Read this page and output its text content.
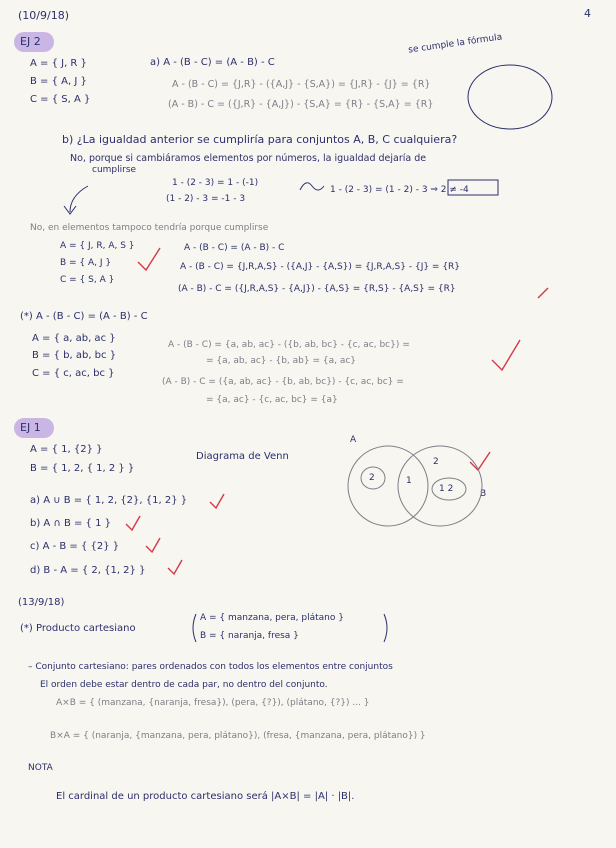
4
(10/9/18)
EJ 2
A = { J, R }
B = { A, J }
C = { S, A }
a) A - (B - C) = (A - B) - C
se cumple la fórmula
A - (B - C) = {J,R} - ({A,J} - {S,A}) = {J,R} - {J} = {R}
(A - B) - C = ({J,R} - {A,J}) - {S,A} = {R} - {S,A} = {R}
b) ¿La igualdad anterior se cumpliría para conjuntos A, B, C cualquiera?
No, porque si cambiáramos elementos por números, la igualdad dejaría de
cumplirse
1 - (2 - 3) = 1 - (-1)
(1 - 2) - 3 = -1 - 3
1 - (2 - 3) = (1 - 2) - 3 ⇒ 2 ≠ -4
No, en elementos tampoco tendría porque cumplirse
A = { J, R, A, S }
B = { A, J }
C = { S, A }
A - (B - C) = (A - B) - C
A - (B - C) = {J,R,A,S} - ({A,J} - {A,S}) = {J,R,A,S} - {J} = {R}
(A - B) - C = ({J,R,A,S} - {A,J}) - {A,S} = {R,S} - {A,S} = {R}
(*) A - (B - C) = (A - B) - C
A = { a, ab, ac }
B = { b, ab, bc }
C = { c, ac, bc }
A - (B - C) = {a, ab, ac} - ({b, ab, bc} - {c, ac, bc}) =
= {a, ab, ac} - {b, ab} = {a, ac}
(A - B) - C = ({a, ab, ac} - {b, ab, bc}) - {c, ac, bc} =
= {a, ac} - {c, ac, bc} = {a}
EJ 1
A = { 1, {2} }
B = { 1, 2, { 1, 2 } }
Diagrama de Venn
a) A ∪ B = { 1, 2, {2}, {1, 2} }
b) A ∩ B = { 1 }
c) A - B = { {2} }
d) B - A = { 2, {1, 2} }
A
B
2	1
2
1 2
(13/9/18)
(*) Producto cartesiano
A = { manzana, pera, plátano }
B = { naranja, fresa }
– Conjunto cartesiano: pares ordenados con todos los elementos entre conjuntos
El orden debe estar dentro de cada par, no dentro del conjunto.
A×B = { (manzana, {naranja, fresa}), (pera, {?}), (plátano, {?}) ... }
B×A = { (naranja, {manzana, pera, plátano}), (fresa, {manzana, pera, plátano}) }
NOTA
El cardinal de un producto cartesiano será |A×B| = |A| · |B|.
